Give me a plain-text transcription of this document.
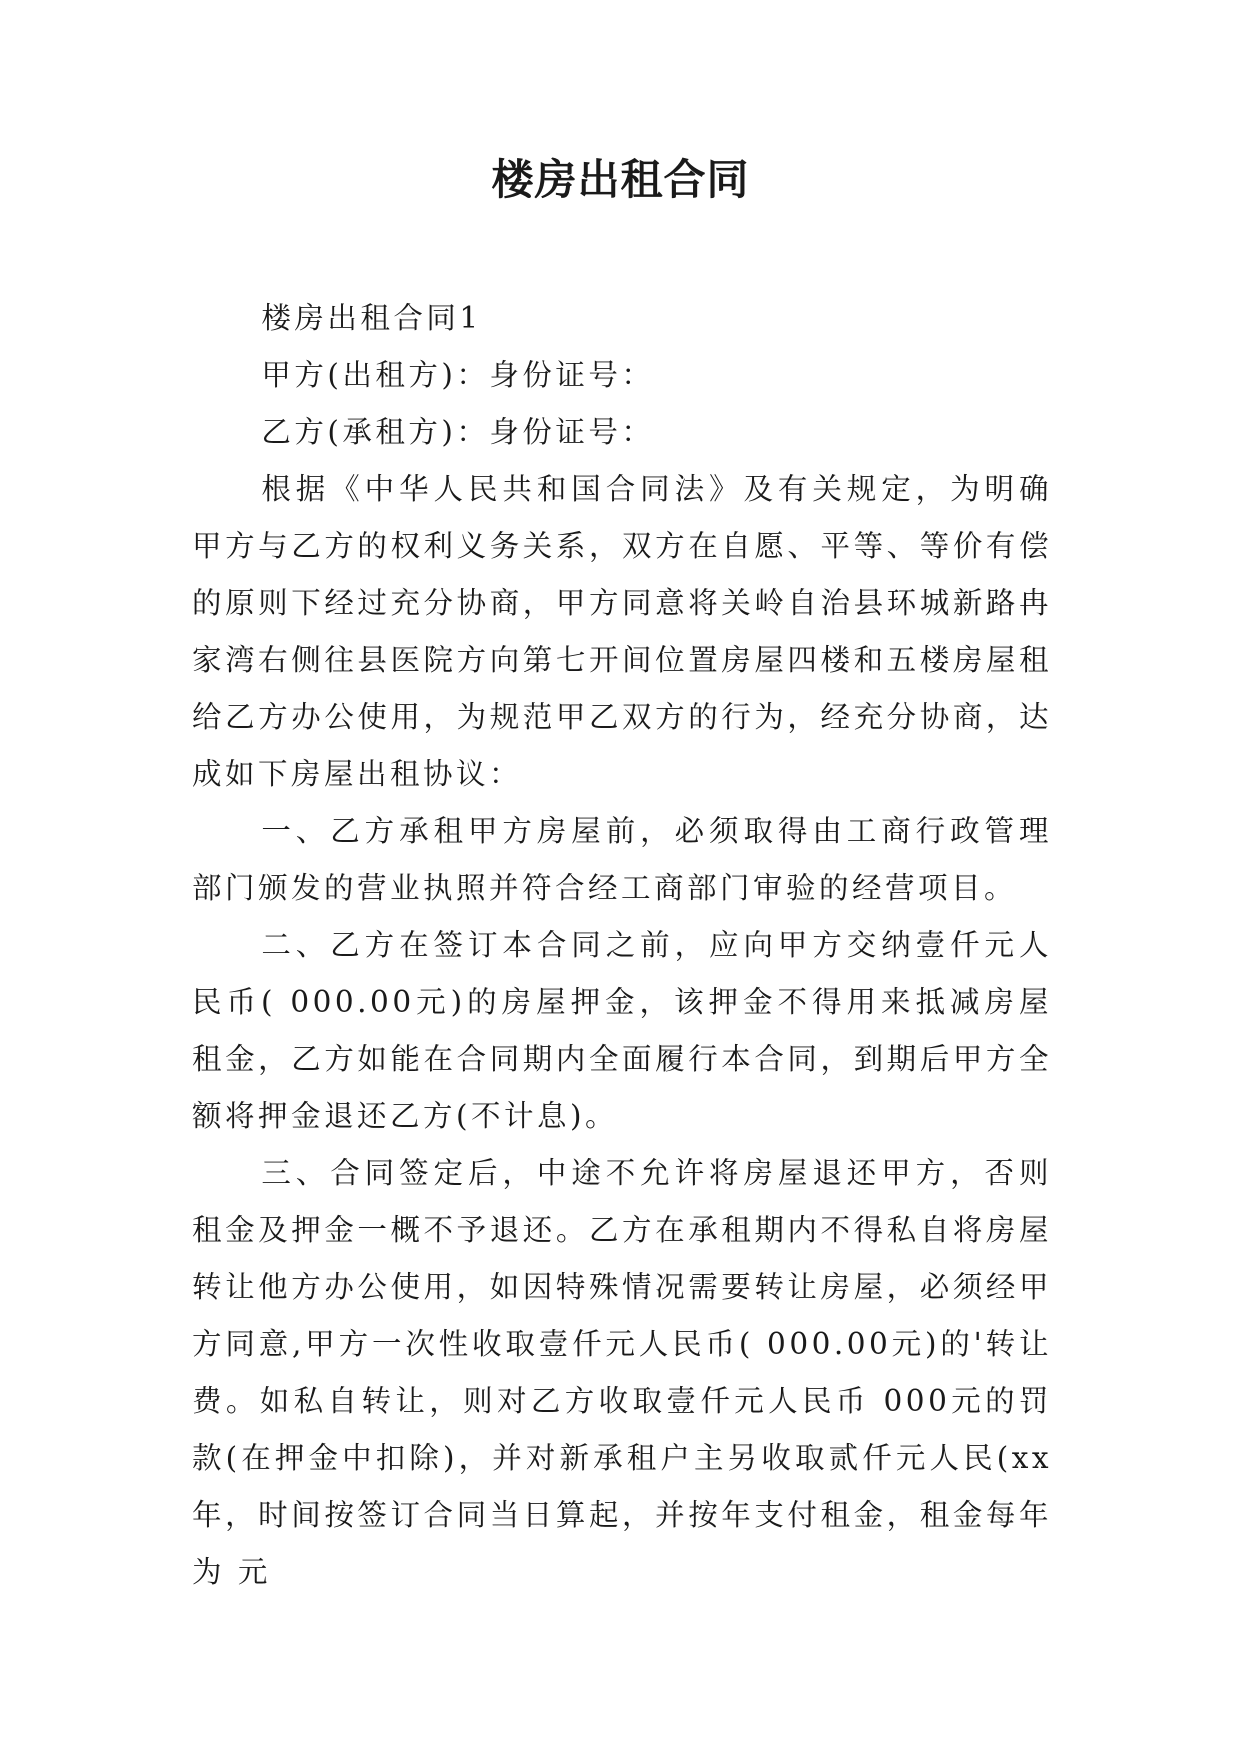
楼房出租合同

楼房出租合同1

甲方(出租方)：身份证号：

乙方(承租方)：身份证号：

根据《中华人民共和国合同法》及有关规定，为明确甲方与乙方的权利义务关系，双方在自愿、平等、等价有偿的原则下经过充分协商，甲方同意将关岭自治县环城新路冉家湾右侧往县医院方向第七开间位置房屋四楼和五楼房屋租给乙方办公使用，为规范甲乙双方的行为，经充分协商，达成如下房屋出租协议：

一、乙方承租甲方房屋前，必须取得由工商行政管理部门颁发的营业执照并符合经工商部门审验的经营项目。

二、乙方在签订本合同之前，应向甲方交纳壹仟元人民币( 000.00元)的房屋押金，该押金不得用来抵减房屋租金，乙方如能在合同期内全面履行本合同，到期后甲方全额将押金退还乙方(不计息)。

三、合同签定后，中途不允许将房屋退还甲方，否则租金及押金一概不予退还。乙方在承租期内不得私自将房屋转让他方办公使用，如因特殊情况需要转让房屋，必须经甲方同意,甲方一次性收取壹仟元人民币( 000.00元)的'转让费。如私自转让，则对乙方收取壹仟元人民币 000元的罚款(在押金中扣除)，并对新承租户主另收取贰仟元人民(xx年，时间按签订合同当日算起，并按年支付租金，租金每年为 元
